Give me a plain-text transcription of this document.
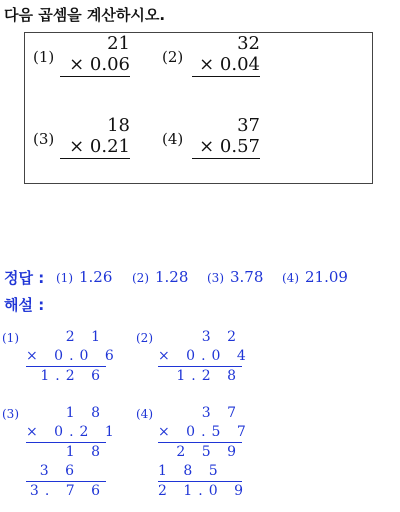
다음 곱셈을 계산하시오.
(1)
21
× 0.06 (2)
32
× 0.04
(3)
18
× 0.21 (4)
37
× 0.57
정답 : (1) 1.26 (2) 1.28 (3) 3.78 (4) 21.09
해설 :
(1)	2 1
× 0.0 6
1.2 6
(2)	3 2
× 0.0 4
1.2 8
(3)	1 8
× 0.2 1
1 8
3 6
3. 7 6
(4)	3 7
× 0.5 7
2 5 9
1 8 5
2 1.0 9
